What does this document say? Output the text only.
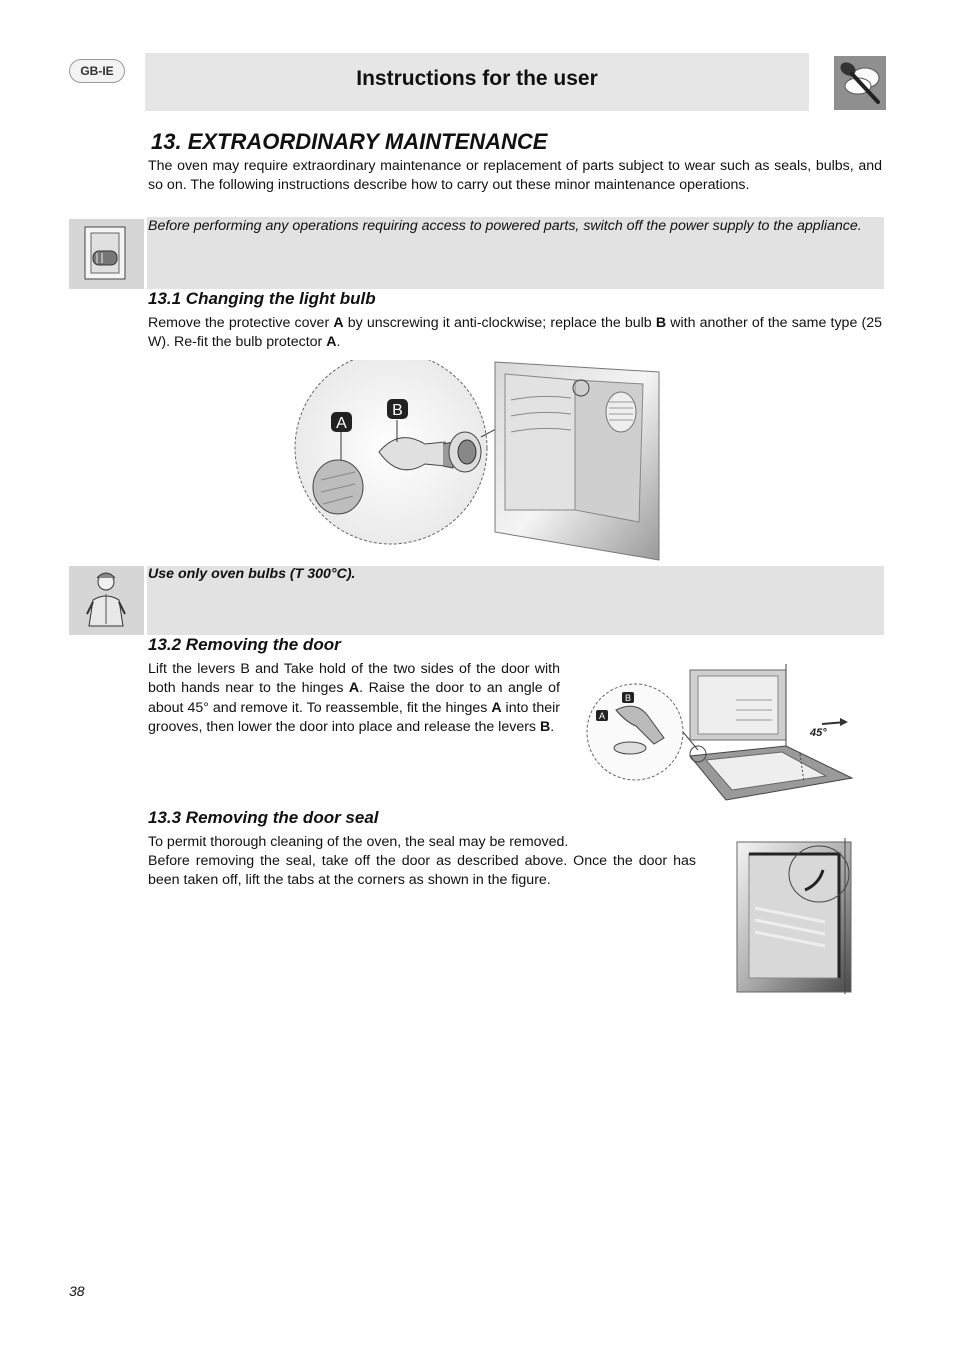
GB-IE	Instructions for the user
13. EXTRAORDINARY MAINTENANCE

The oven may require extraordinary maintenance or replacement of parts subject to wear such as seals, bulbs, and so on. The following instructions describe how to carry out these minor maintenance operations.

Before performing any operations requiring access to powered parts, switch off the power supply to the appliance.

13.1 Changing the light bulb

Remove the protective cover A by unscrewing it anti-clockwise; replace the bulb B with another of the same type (25 W). Re-fit the bulb protector A.

A
B

Use only oven bulbs (T 300°C).

13.2 Removing the door

Lift the levers B and Take hold of the two sides of the door with both hands near to the hinges A. Raise the door to an angle of about 45° and remove it. To reassemble, fit the hinges A into their grooves, then lower the door into place and release the levers B.

B
A
45°
13.3 Removing the door seal

To permit thorough cleaning of the oven, the seal may be removed.

Before removing the seal, take off the door as described above. Once the door has been taken off, lift the tabs at the corners as shown in the figure.

38
